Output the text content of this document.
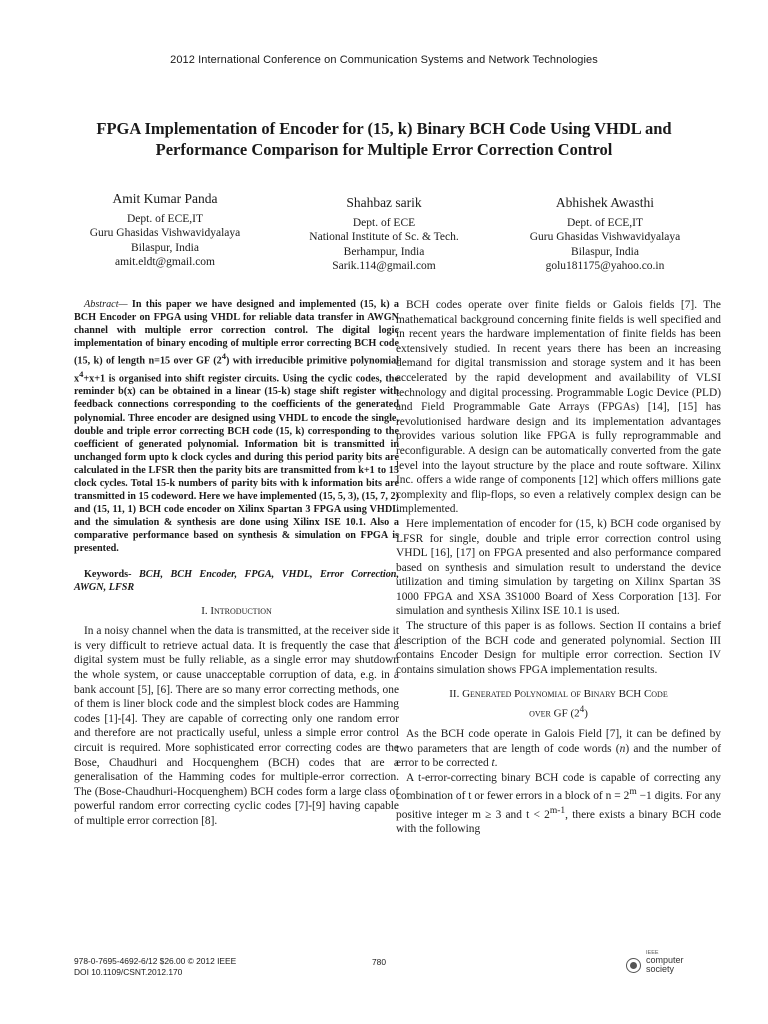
2012 International Conference on Communication Systems and Network Technologies
FPGA Implementation of Encoder for (15, k) Binary BCH Code Using VHDL and
Performance Comparison for Multiple Error Correction Control
Amit Kumar Panda
Dept. of ECE,IT
Guru Ghasidas Vishwavidyalaya
Bilaspur, India
amit.eldt@gmail.com
Shahbaz sarik
Dept. of ECE
National Institute of Sc. & Tech.
Berhampur, India
Sarik.114@gmail.com
Abhishek Awasthi
Dept. of ECE,IT
Guru Ghasidas Vishwavidyalaya
Bilaspur, India
golu181175@yahoo.co.in

Abstract— In this paper we have designed and implemented (15, k) a BCH Encoder on FPGA using VHDL for reliable data transfer in AWGN channel with multiple error correction control. The digital logic implementation of binary encoding of multiple error correcting BCH code (15, k) of length n=15 over GF $(2^4)$ with irreducible primitive polynomial $x^4+x+1$ is organised into shift register circuits. Using the cyclic codes, the reminder b(x) can be obtained in a linear (15-k) stage shift register with feedback connections corresponding to the coefficients of the generated polynomial. Three encoder are designed using VHDL to encode the single, double and triple error correcting BCH code (15, k) corresponding to the coefficient of generated polynomial. Information bit is transmitted in unchanged form upto k clock cycles and during this period parity bits are calculated in the LFSR then the parity bits are transmitted from k+1 to 15 clock cycles. Total 15-k numbers of parity bits with k information bits are transmitted in 15 codeword. Here we have implemented (15, 5, 3), (15, 7, 2) and (15, 11, 1) BCH code encoder on Xilinx Spartan 3 FPGA using VHDL and the simulation & synthesis are done using Xilinx ISE 10.1. Also a comparative performance based on synthesis & simulation on FPGA is presented.

Keywords- BCH, BCH Encoder, FPGA, VHDL, Error Correction, AWGN, LFSR

I. Introduction

In a noisy channel when the data is transmitted, at the receiver side it is very difficult to retrieve actual data. It is frequently the case that a digital system must be fully reliable, as a single error may shutdown the whole system, or cause unacceptable corruption of data, e.g. in a bank account [5], [6]. There are so many error correcting methods, one of them is liner block code and the simplest block codes are Hamming codes [1]-[4]. They are capable of correcting only one random error and therefore are not practically useful, unless a simple error control circuit is required. More sophisticated error correcting codes are the Bose, Chaudhuri and Hocquenghem (BCH) codes that are a generalisation of the Hamming codes for multiple-error correction. The (Bose-Chaudhuri-Hocquenghem) BCH codes form a large class of powerful random error correcting cyclic codes [7]-[9] having capable of multiple error correction [8].

BCH codes operate over finite fields or Galois fields [7]. The mathematical background concerning finite fields is well specified and in recent years the hardware implementation of finite fields has been extensively studied. In recent years there has been an increasing demand for digital transmission and storage system and it has been accelerated by the rapid development and availability of VLSI technology and digital processing. Programmable Logic Device (PLD) and Field Programmable Gate Arrays (FPGAs) [14], [15] has revolutionised hardware design and its implementation advantages provides various solution like FPGA is fully reprogrammable and reconfigurable. A design can be automatically converted from the gate level into the layout structure by the place and route software. Xilinx Inc. offers a wide range of components [12] which offers millions gate complexity and flip-flops, so even a relatively complex design can be implemented.

Here implementation of encoder for (15, k) BCH code organised by LFSR for single, double and triple error correction control using VHDL [16], [17] on FPGA presented and also performance compared based on synthesis and simulation result to understand the device utilization and timing simulation by targeting on Xilinx Spartan 3S 1000 FPGA and XSA 3S1000 Board of Xess Corporation [13]. For simulation and synthesis Xilinx ISE 10.1 is used.

The structure of this paper is as follows. Section II contains a brief description of the BCH code and generated polynomial. Section III contains Encoder Design for multiple error correction. Section IV contains simulation shows FPGA implementation results.

II. Generated Polynomial of Binary BCH Code
over GF $(2^4)$

As the BCH code operate in Galois Field [7], it can be defined by two parameters that are length of code words (n) and the number of error to be corrected t.

A t-error-correcting binary BCH code is capable of correcting any combination of t or fewer errors in a block of $n = 2^m -1$ digits. For any positive integer m ≥ 3 and $t < 2^{m-1}$, there exists a binary BCH code with the following

978-0-7695-4692-6/12 $26.00 © 2012 IEEE
DOI 10.1109/CSNT.2012.170
780
IEEE
computer
society
